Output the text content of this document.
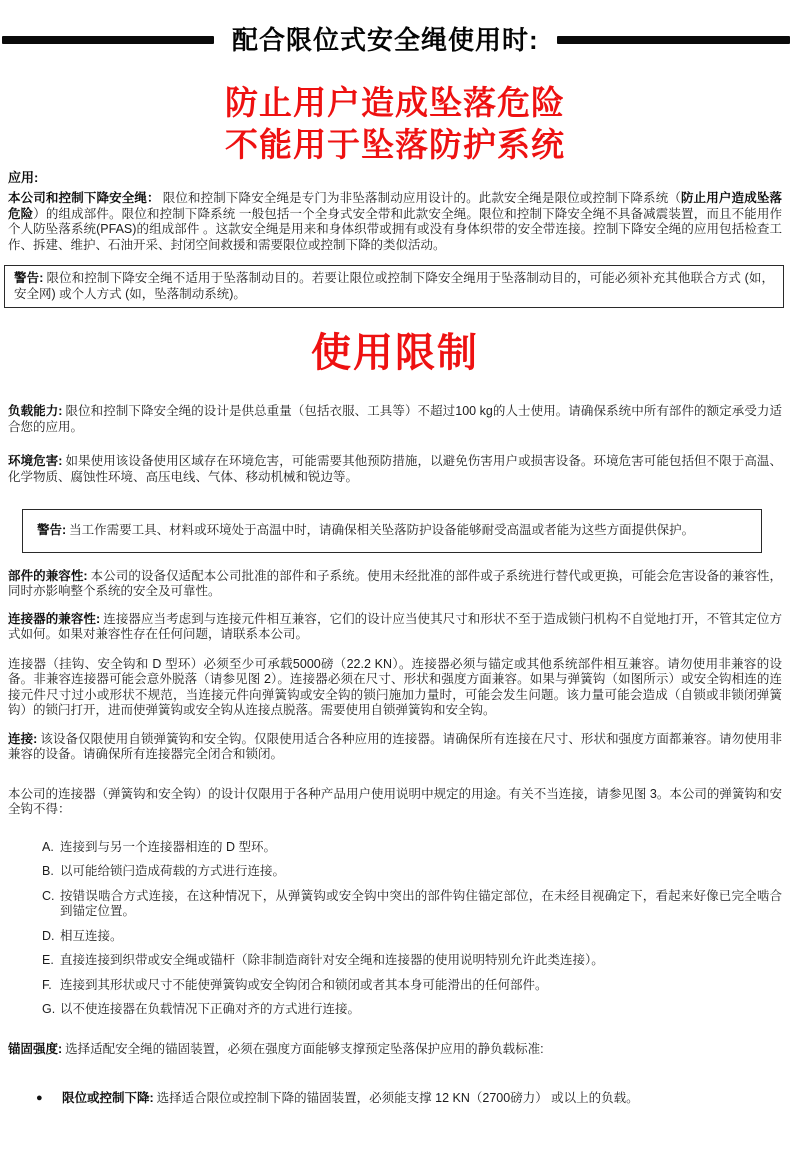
配合限位式安全绳使用时:
防止用户造成坠落危险
不能用于坠落防护系统
应用:
本公司和控制下降安全绳： 限位和控制下降安全绳是专门为非坠落制动应用设计的。此款安全绳是限位或控制下降系统（防止用户造成坠落危险）的组成部件。限位和控制下降系统 一般包括一个全身式安全带和此款安全绳。限位和控制下降安全绳不具备减震装置，而且不能用作个人防坠落系统(PFAS)的组成部件 。这款安全绳是用来和身体织带或拥有或没有身体织带的安全带连接。控制下降安全绳的应用包括检查工作、拆建、维护、石油开采、封闭空间救援和需要限位或控制下降的类似活动。
警告: 限位和控制下降安全绳不适用于坠落制动目的。若要让限位或控制下降安全绳用于坠落制动目的，可能必须补充其他联合方式 (如，安全网) 或个人方式 (如，坠落制动系统)。
使用限制
负载能力: 限位和控制下降安全绳的设计是供总重量（包括衣服、工具等）不超过100 kg的人士使用。请确保系统中所有部件的额定承受力适合您的应用。
环境危害: 如果使用该设备使用区域存在环境危害，可能需要其他预防措施，以避免伤害用户或损害设备。环境危害可能包括但不限于高温、化学物质、腐蚀性环境、高压电线、气体、移动机械和锐边等。
警告: 当工作需要工具、材料或环境处于高温中时，请确保相关坠落防护设备能够耐受高温或者能为这些方面提供保护。
部件的兼容性: 本公司的设备仅适配本公司批准的部件和子系统。使用未经批准的部件或子系统进行替代或更换，可能会危害设备的兼容性，同时亦影响整个系统的安全及可靠性。
连接器的兼容性: 连接器应当考虑到与连接元件相互兼容，它们的设计应当使其尺寸和形状不至于造成锁闩机构不自觉地打开，不管其定位方式如何。如果对兼容性存在任何问题，请联系本公司。
连接器（挂钩、安全钩和 D 型环）必须至少可承载5000磅（22.2 KN）。连接器必须与锚定或其他系统部件相互兼容。请勿使用非兼容的设备。非兼容连接器可能会意外脱落（请参见图 2）。连接器必须在尺寸、形状和强度方面兼容。如果与弹簧钩（如图所示）或安全钩相连的连接元件尺寸过小或形状不规范，当连接元件向弹簧钩或安全钩的锁闩施加力量时，可能会发生问题。该力量可能会造成（自锁或非锁闭弹簧钩）的锁闩打开，进而使弹簧钩或安全钩从连接点脱落。需要使用自锁弹簧钩和安全钩。
连接: 该设备仅限使用自锁弹簧钩和安全钩。仅限使用适合各种应用的连接器。请确保所有连接在尺寸、形状和强度方面都兼容。请勿使用非兼容的设备。请确保所有连接器完全闭合和锁闭。
本公司的连接器（弹簧钩和安全钩）的设计仅限用于各种产品用户使用说明中规定的用途。有关不当连接，请参见图 3。本公司的弹簧钩和安全钩不得：
A. 连接到与另一个连接器相连的 D 型环。
B. 以可能给锁闩造成荷载的方式进行连接。
C. 按错误啮合方式连接，在这种情况下，从弹簧钩或安全钩中突出的部件钩住锚定部位，在未经目视确定下，看起来好像已完全啮合到锚定位置。
D. 相互连接。
E. 直接连接到织带或安全绳或锚杆（除非制造商针对安全绳和连接器的使用说明特别允许此类连接）。
F. 连接到其形状或尺寸不能使弹簧钩或安全钩闭合和锁闭或者其本身可能滑出的任何部件。
G. 以不使连接器在负载情况下正确对齐的方式进行连接。
锚固强度: 选择适配安全绳的锚固装置，必须在强度方面能够支撑预定坠落保护应用的静负载标准:
●	限位或控制下降: 选择适合限位或控制下降的锚固装置，必须能支撑 12 KN（2700磅力） 或以上的负载。
